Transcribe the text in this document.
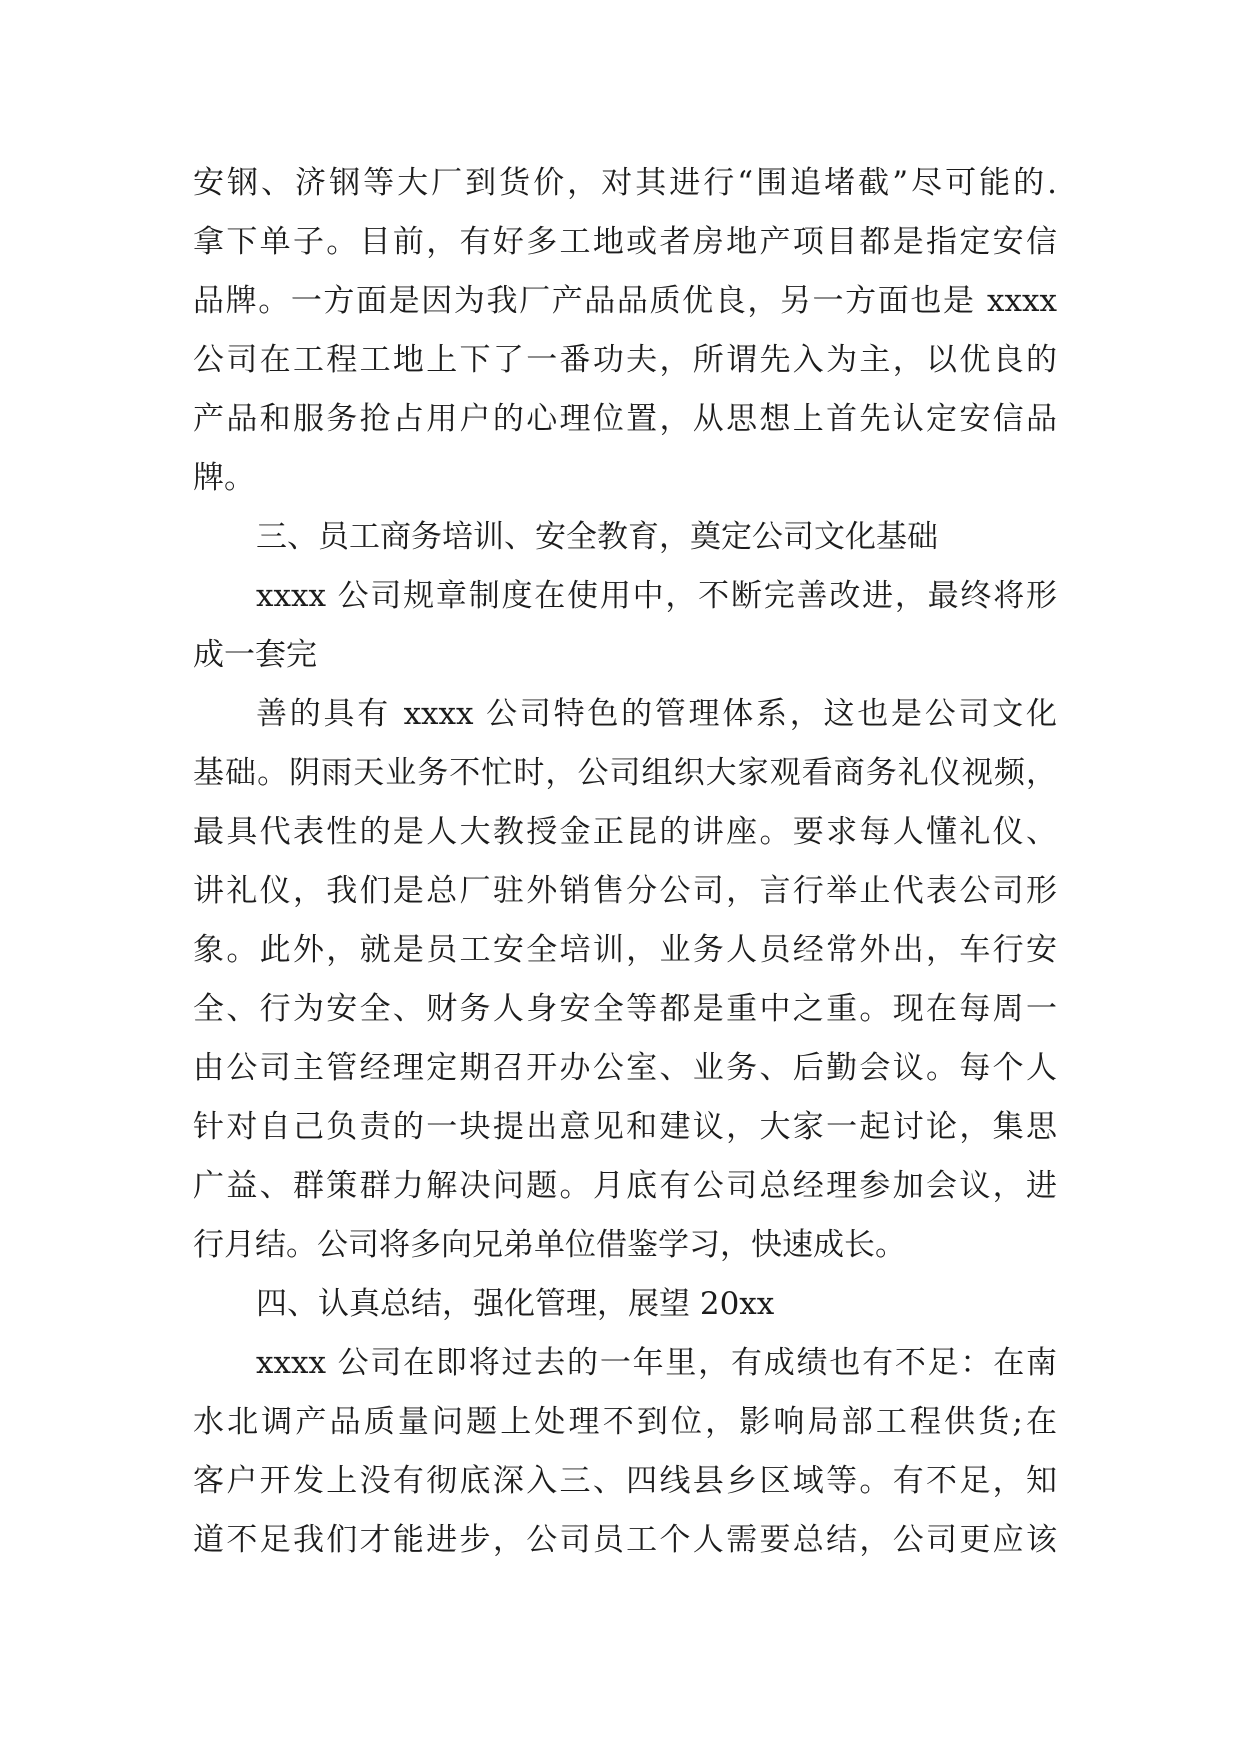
安钢、济钢等大厂到货价，对其进行“围追堵截”尽可能的.
拿下单子。目前，有好多工地或者房地产项目都是指定安信
品牌。一方面是因为我厂产品品质优良，另一方面也是 xxxx
公司在工程工地上下了一番功夫，所谓先入为主，以优良的
产品和服务抢占用户的心理位置，从思想上首先认定安信品
牌。
三、员工商务培训、安全教育，奠定公司文化基础
xxxx 公司规章制度在使用中，不断完善改进，最终将形
成一套完
善的具有 xxxx 公司特色的管理体系，这也是公司文化
基础。阴雨天业务不忙时，公司组织大家观看商务礼仪视频，
最具代表性的是人大教授金正昆的讲座。要求每人懂礼仪、
讲礼仪，我们是总厂驻外销售分公司，言行举止代表公司形
象。此外，就是员工安全培训，业务人员经常外出，车行安
全、行为安全、财务人身安全等都是重中之重。现在每周一
由公司主管经理定期召开办公室、业务、后勤会议。每个人
针对自己负责的一块提出意见和建议，大家一起讨论，集思
广益、群策群力解决问题。月底有公司总经理参加会议，进
行月结。公司将多向兄弟单位借鉴学习，快速成长。
四、认真总结，强化管理，展望 20xx
xxxx 公司在即将过去的一年里，有成绩也有不足：在南
水北调产品质量问题上处理不到位，影响局部工程供货;在
客户开发上没有彻底深入三、四线县乡区域等。有不足，知
道不足我们才能进步，公司员工个人需要总结，公司更应该
